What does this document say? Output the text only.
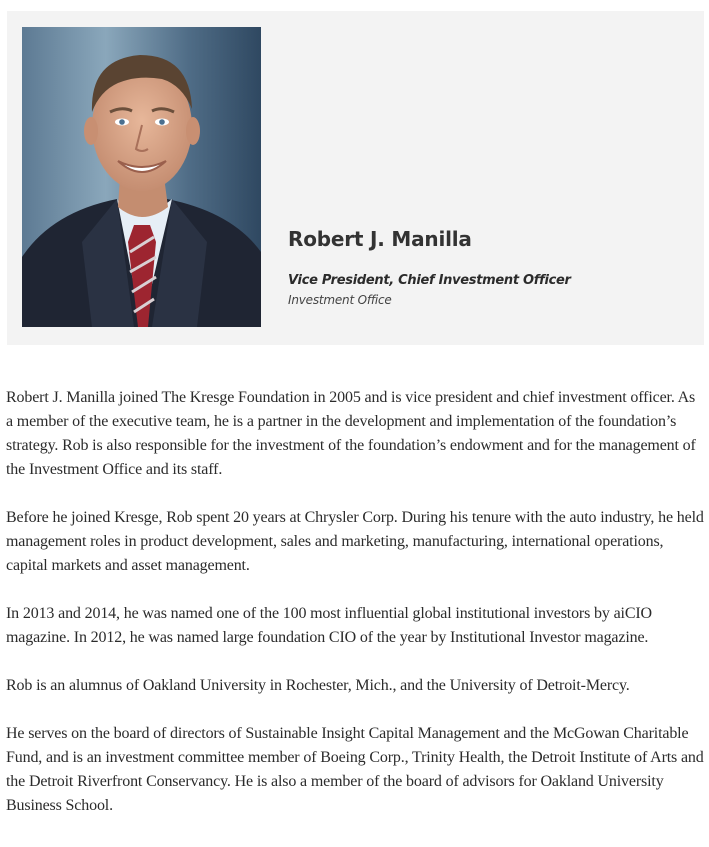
Robert J. Manilla
Vice President, Chief Investment Officer
Investment Office

Robert J. Manilla joined The Kresge Foundation in 2005 and is vice president and chief investment officer. As a member of the executive team, he is a partner in the development and implementation of the foundation’s strategy. Rob is also responsible for the investment of the foundation’s endowment and for the management of the Investment Office and its staff.

Before he joined Kresge, Rob spent 20 years at Chrysler Corp. During his tenure with the auto industry, he held management roles in product development, sales and marketing, manufacturing, international operations, capital markets and asset management.

In 2013 and 2014, he was named one of the 100 most influential global institutional investors by aiCIO magazine. In 2012, he was named large foundation CIO of the year by Institutional Investor magazine.

Rob is an alumnus of Oakland University in Rochester, Mich., and the University of Detroit-Mercy.

He serves on the board of directors of Sustainable Insight Capital Management and the McGowan Charitable Fund, and is an investment committee member of Boeing Corp., Trinity Health, the Detroit Institute of Arts and the Detroit Riverfront Conservancy. He is also a member of the board of advisors for Oakland University Business School.
